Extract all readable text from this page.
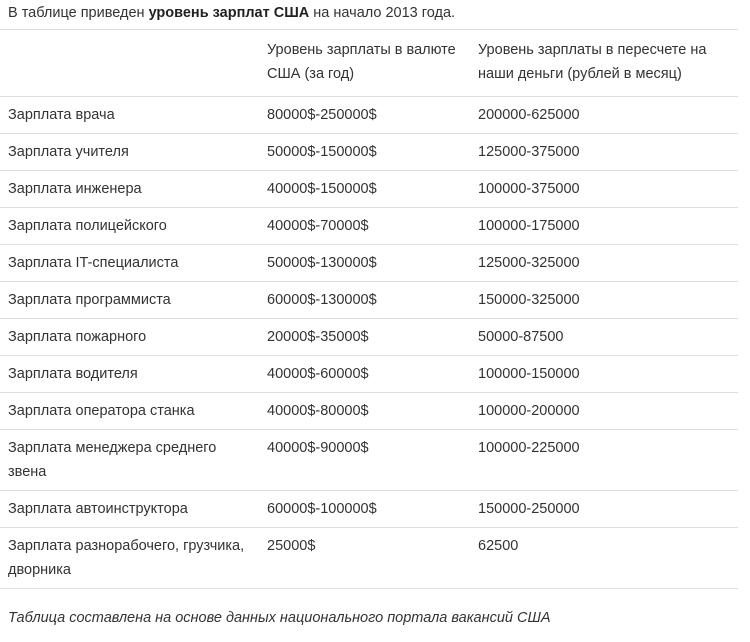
В таблице приведен уровень зарплат США на начало 2013 года.
	Уровень зарплаты в валюте США (за год)	Уровень зарплаты в пересчете на наши деньги (рублей в месяц)
Зарплата врача	80000$-250000$	200000-625000
Зарплата учителя	50000$-150000$	125000-375000
Зарплата инженера	40000$-150000$	100000-375000
Зарплата полицейского	40000$-70000$	100000-175000
Зарплата IT-специалиста	50000$-130000$	125000-325000
Зарплата программиста	60000$-130000$	150000-325000
Зарплата пожарного	20000$-35000$	50000-87500
Зарплата водителя	40000$-60000$	100000-150000
Зарплата оператора станка	40000$-80000$	100000-200000
Зарплата менеджера среднего звена	40000$-90000$	100000-225000
Зарплата автоинструктора	60000$-100000$	150000-250000
Зарплата разнорабочего, грузчика, дворника	25000$	62500
Таблица составлена на основе данных национального портала вакансий США
